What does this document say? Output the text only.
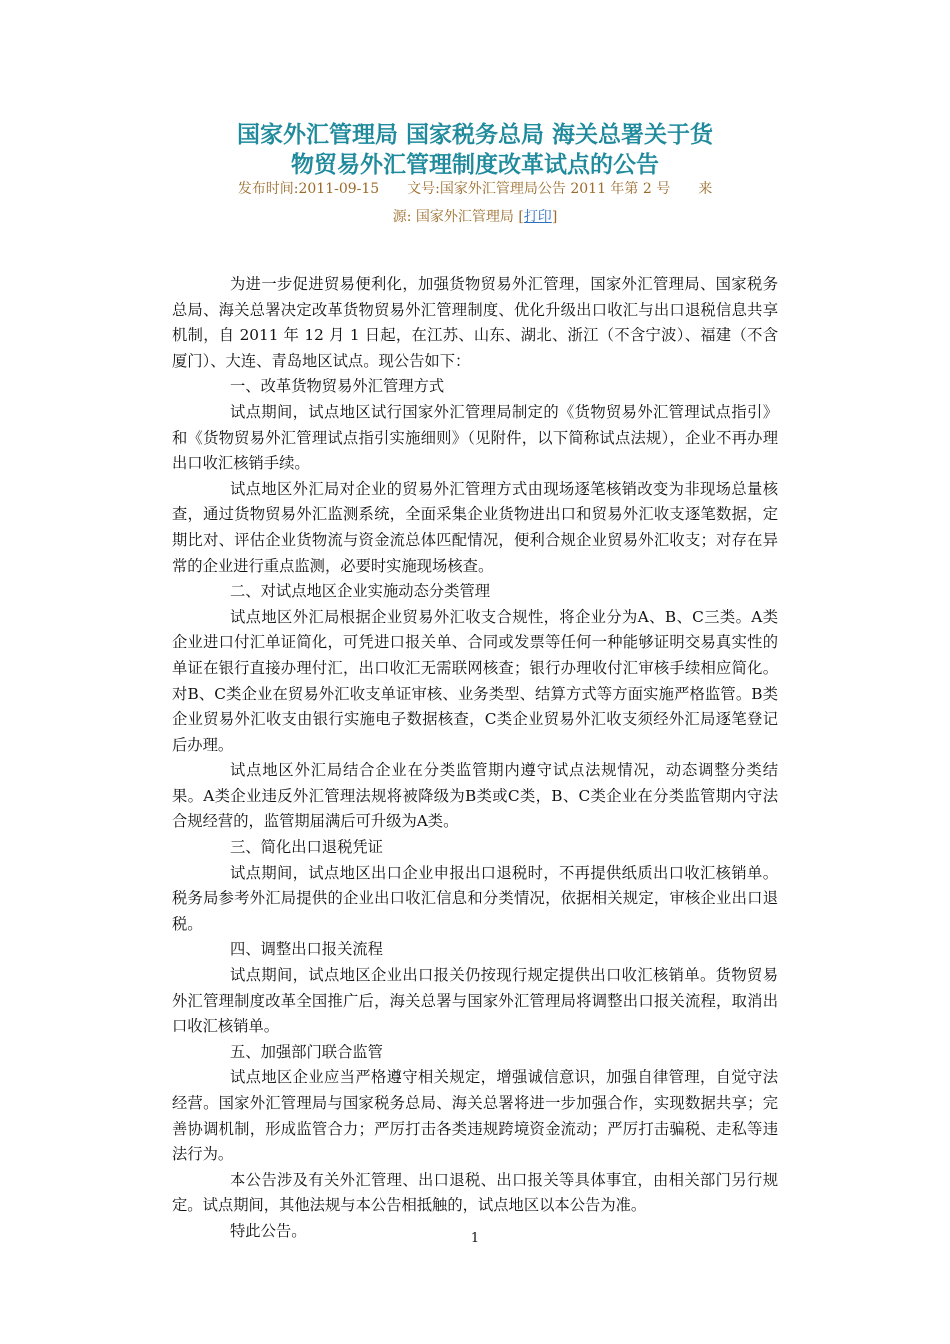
国家外汇管理局 国家税务总局 海关总署关于货
物贸易外汇管理制度改革试点的公告
发布时间:2011-09-15　　文号:国家外汇管理局公告 2011 年第 2 号　　来
源: 国家外汇管理局 [打印]

为进一步促进贸易便利化，加强货物贸易外汇管理，国家外汇管理局、国家税务总局、海关总署决定改革货物贸易外汇管理制度、优化升级出口收汇与出口退税信息共享机制，自 2011 年 12 月 1 日起，在江苏、山东、湖北、浙江（不含宁波）、福建（不含厦门）、大连、青岛地区试点。现公告如下：

一、改革货物贸易外汇管理方式

试点期间，试点地区试行国家外汇管理局制定的《货物贸易外汇管理试点指引》和《货物贸易外汇管理试点指引实施细则》（见附件，以下简称试点法规），企业不再办理出口收汇核销手续。

试点地区外汇局对企业的贸易外汇管理方式由现场逐笔核销改变为非现场总量核查，通过货物贸易外汇监测系统，全面采集企业货物进出口和贸易外汇收支逐笔数据，定期比对、评估企业货物流与资金流总体匹配情况，便利合规企业贸易外汇收支；对存在异常的企业进行重点监测，必要时实施现场核查。

二、对试点地区企业实施动态分类管理

试点地区外汇局根据企业贸易外汇收支合规性，将企业分为A、B、C三类。A类企业进口付汇单证简化，可凭进口报关单、合同或发票等任何一种能够证明交易真实性的单证在银行直接办理付汇，出口收汇无需联网核查；银行办理收付汇审核手续相应简化。对B、C类企业在贸易外汇收支单证审核、业务类型、结算方式等方面实施严格监管。B类企业贸易外汇收支由银行实施电子数据核查，C类企业贸易外汇收支须经外汇局逐笔登记后办理。

试点地区外汇局结合企业在分类监管期内遵守试点法规情况，动态调整分类结果。A类企业违反外汇管理法规将被降级为B类或C类，B、C类企业在分类监管期内守法合规经营的，监管期届满后可升级为A类。

三、简化出口退税凭证

试点期间，试点地区出口企业申报出口退税时，不再提供纸质出口收汇核销单。税务局参考外汇局提供的企业出口收汇信息和分类情况，依据相关规定，审核企业出口退税。

四、调整出口报关流程

试点期间，试点地区企业出口报关仍按现行规定提供出口收汇核销单。货物贸易外汇管理制度改革全国推广后，海关总署与国家外汇管理局将调整出口报关流程，取消出口收汇核销单。

五、加强部门联合监管

试点地区企业应当严格遵守相关规定，增强诚信意识，加强自律管理，自觉守法经营。国家外汇管理局与国家税务总局、海关总署将进一步加强合作，实现数据共享；完善协调机制，形成监管合力；严厉打击各类违规跨境资金流动；严厉打击骗税、走私等违法行为。

本公告涉及有关外汇管理、出口退税、出口报关等具体事宜，由相关部门另行规定。试点期间，其他法规与本公告相抵触的，试点地区以本公告为准。

特此公告。	1
